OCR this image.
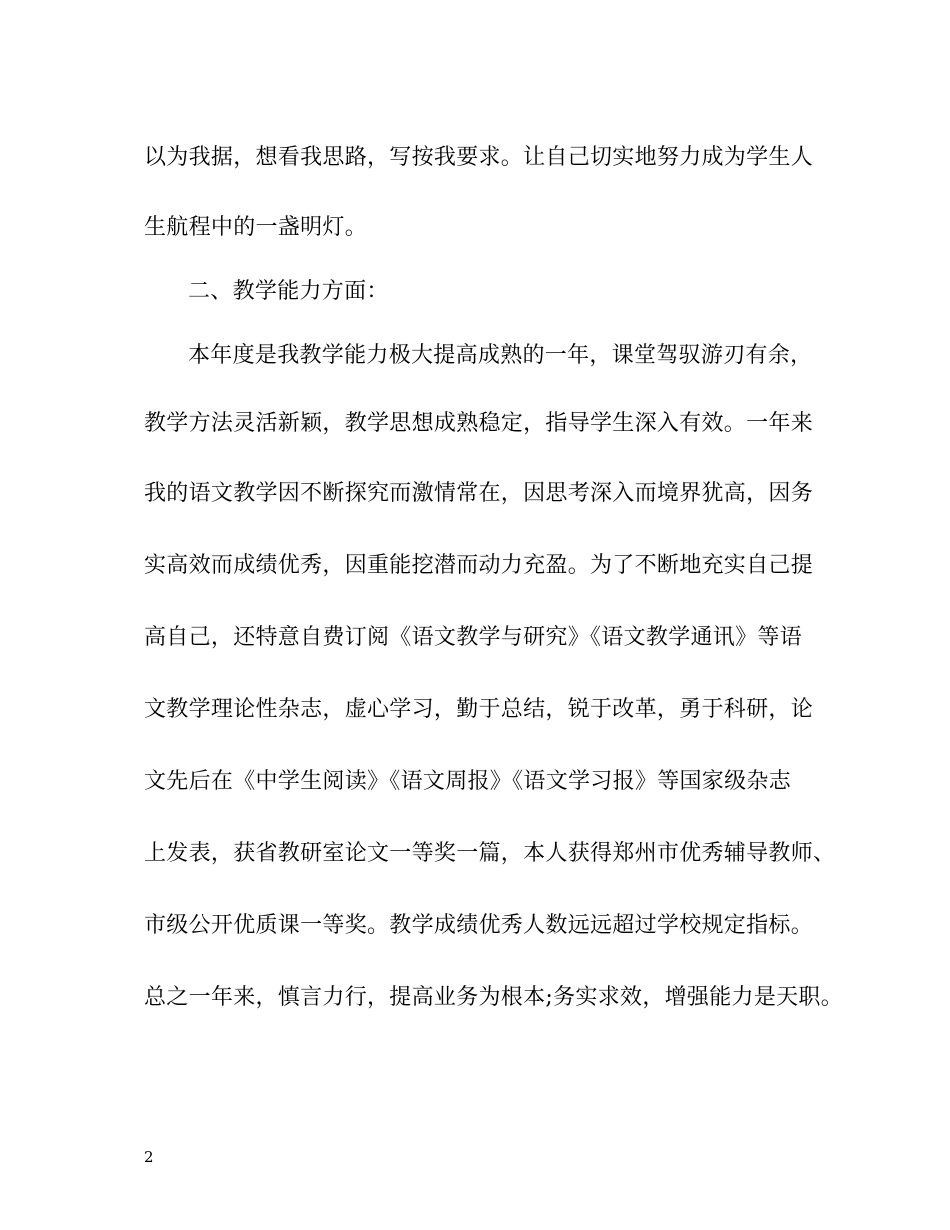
以为我据，想看我思路，写按我要求。让自己切实地努力成为学生人
生航程中的一盏明灯。
二、教学能力方面：
本年度是我教学能力极大提高成熟的一年，课堂驾驭游刃有余，
教学方法灵活新颖，教学思想成熟稳定，指导学生深入有效。一年来
我的语文教学因不断探究而激情常在，因思考深入而境界犹高，因务
实高效而成绩优秀，因重能挖潜而动力充盈。为了不断地充实自己提
高自己，还特意自费订阅《语文教学与研究》《语文教学通讯》等语
文教学理论性杂志，虚心学习，勤于总结，锐于改革，勇于科研，论
文先后在《中学生阅读》《语文周报》《语文学习报》等国家级杂志
上发表，获省教研室论文一等奖一篇，本人获得郑州市优秀辅导教师、
市级公开优质课一等奖。教学成绩优秀人数远远超过学校规定指标。
总之一年来，慎言力行，提高业务为根本;务实求效，增强能力是天职。
2
